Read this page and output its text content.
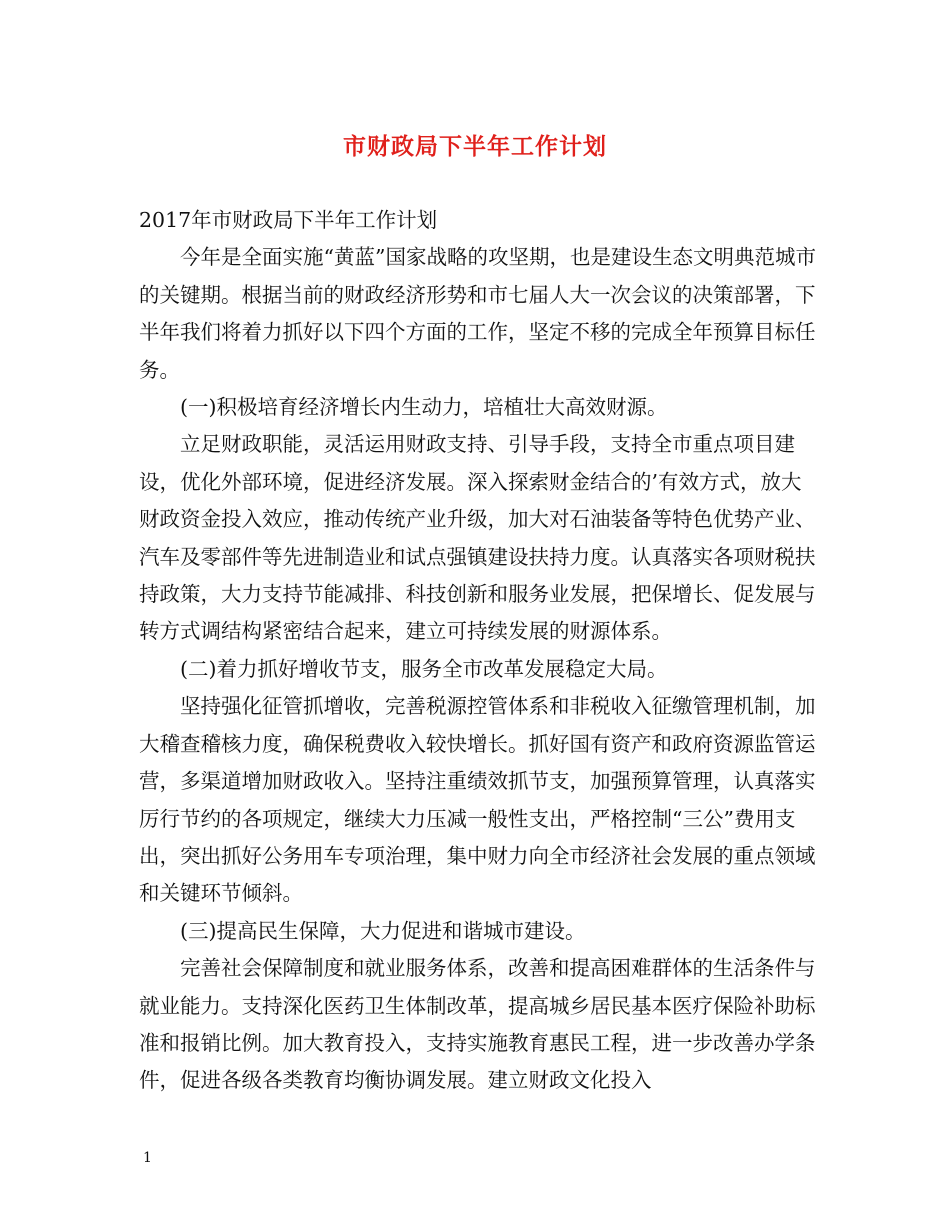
市财政局下半年工作计划

2017年市财政局下半年工作计划

今年是全面实施“黄蓝”国家战略的攻坚期，也是建设生态文明典范城市的关键期。根据当前的财政经济形势和市七届人大一次会议的决策部署，下半年我们将着力抓好以下四个方面的工作，坚定不移的完成全年预算目标任务。

(一)积极培育经济增长内生动力，培植壮大高效财源。

立足财政职能，灵活运用财政支持、引导手段，支持全市重点项目建设，优化外部环境，促进经济发展。深入探索财金结合的’有效方式，放大财政资金投入效应，推动传统产业升级，加大对石油装备等特色优势产业、汽车及零部件等先进制造业和试点强镇建设扶持力度。认真落实各项财税扶持政策，大力支持节能减排、科技创新和服务业发展，把保增长、促发展与转方式调结构紧密结合起来，建立可持续发展的财源体系。

(二)着力抓好增收节支，服务全市改革发展稳定大局。

坚持强化征管抓增收，完善税源控管体系和非税收入征缴管理机制，加大稽查稽核力度，确保税费收入较快增长。抓好国有资产和政府资源监管运营，多渠道增加财政收入。坚持注重绩效抓节支，加强预算管理，认真落实厉行节约的各项规定，继续大力压减一般性支出，严格控制“三公”费用支出，突出抓好公务用车专项治理，集中财力向全市经济社会发展的重点领域和关键环节倾斜。

(三)提高民生保障，大力促进和谐城市建设。

完善社会保障制度和就业服务体系，改善和提高困难群体的生活条件与就业能力。支持深化医药卫生体制改革，提高城乡居民基本医疗保险补助标准和报销比例。加大教育投入，支持实施教育惠民工程，进一步改善办学条件，促进各级各类教育均衡协调发展。建立财政文化投入

1
